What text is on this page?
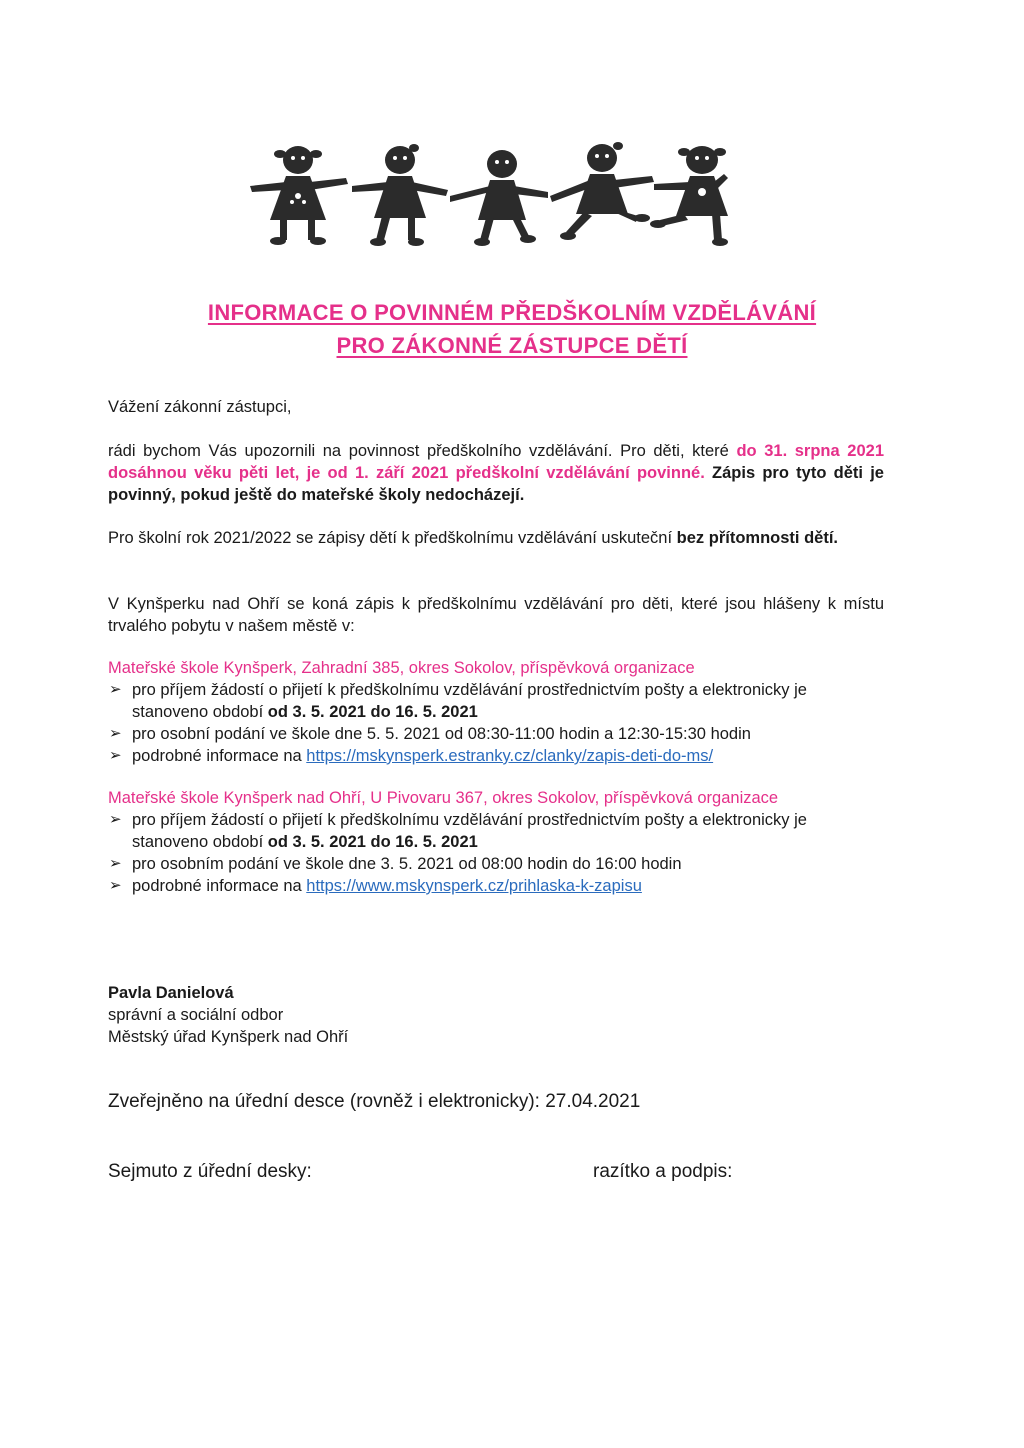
INFORMACE O POVINNÉM PŘEDŠKOLNÍM VZDĚLÁVÁNÍ
PRO ZÁKONNÉ ZÁSTUPCE DĚTÍ
Vážení zákonní zástupci,
rádi bychom Vás upozornili na povinnost předškolního vzdělávání. Pro děti, které do 31. srpna 2021 dosáhnou věku pěti let, je od 1. září 2021 předškolní vzdělávání povinné. Zápis pro tyto děti je povinný, pokud ještě do mateřské školy nedocházejí.
Pro školní rok 2021/2022 se zápisy dětí k předškolnímu vzdělávání uskuteční bez přítomnosti dětí.
V Kynšperku nad Ohří se koná zápis k předškolnímu vzdělávání pro děti, které jsou hlášeny k místu trvalého pobytu v našem městě v:
Mateřské škole Kynšperk, Zahradní 385, okres Sokolov, příspěvková organizace
➢ pro příjem žádostí o přijetí k předškolnímu vzdělávání prostřednictvím pošty a elektronicky je stanoveno období od 3. 5. 2021 do 16. 5. 2021
➢ pro osobní podání ve škole dne 5. 5. 2021 od 08:30-11:00 hodin a 12:30-15:30 hodin
➢ podrobné informace na https://mskynsperk.estranky.cz/clanky/zapis-deti-do-ms/
Mateřské škole Kynšperk nad Ohří, U Pivovaru 367, okres Sokolov, příspěvková organizace
➢ pro příjem žádostí o přijetí k předškolnímu vzdělávání prostřednictvím pošty a elektronicky je stanoveno období od 3. 5. 2021 do 16. 5. 2021
➢ pro osobním podání ve škole dne 3. 5. 2021 od 08:00 hodin do 16:00 hodin
➢ podrobné informace na https://www.mskynsperk.cz/prihlaska-k-zapisu
Pavla Danielová
správní a sociální odbor
Městský úřad Kynšperk nad Ohří
Zveřejněno na úřední desce (rovněž i elektronicky): 27.04.2021
Sejmuto z úřední desky:	razítko a podpis:
